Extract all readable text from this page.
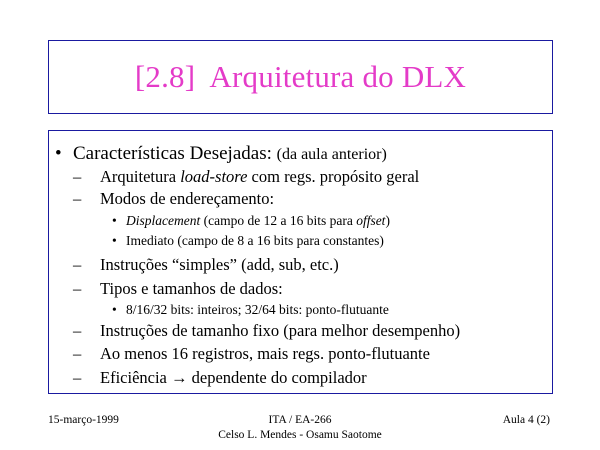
[2.8]  Arquitetura do DLX
• Características Desejadas: (da aula anterior)
– Arquitetura load-store com regs. propósito geral
– Modos de endereçamento:
• Displacement (campo de 12 a 16 bits para offset)
• Imediato (campo de 8 a 16 bits para constantes)
– Instruções “simples” (add, sub, etc.)
– Tipos e tamanhos de dados:
• 8/16/32 bits: inteiros; 32/64 bits: ponto-flutuante
– Instruções de tamanho fixo (para melhor desempenho)
– Ao menos 16 registros, mais regs. ponto-flutuante
– Eficiência → dependente do compilador
15-março-1999	ITA / EA-266
Celso L. Mendes - Osamu Saotome
Aula 4 (2)
